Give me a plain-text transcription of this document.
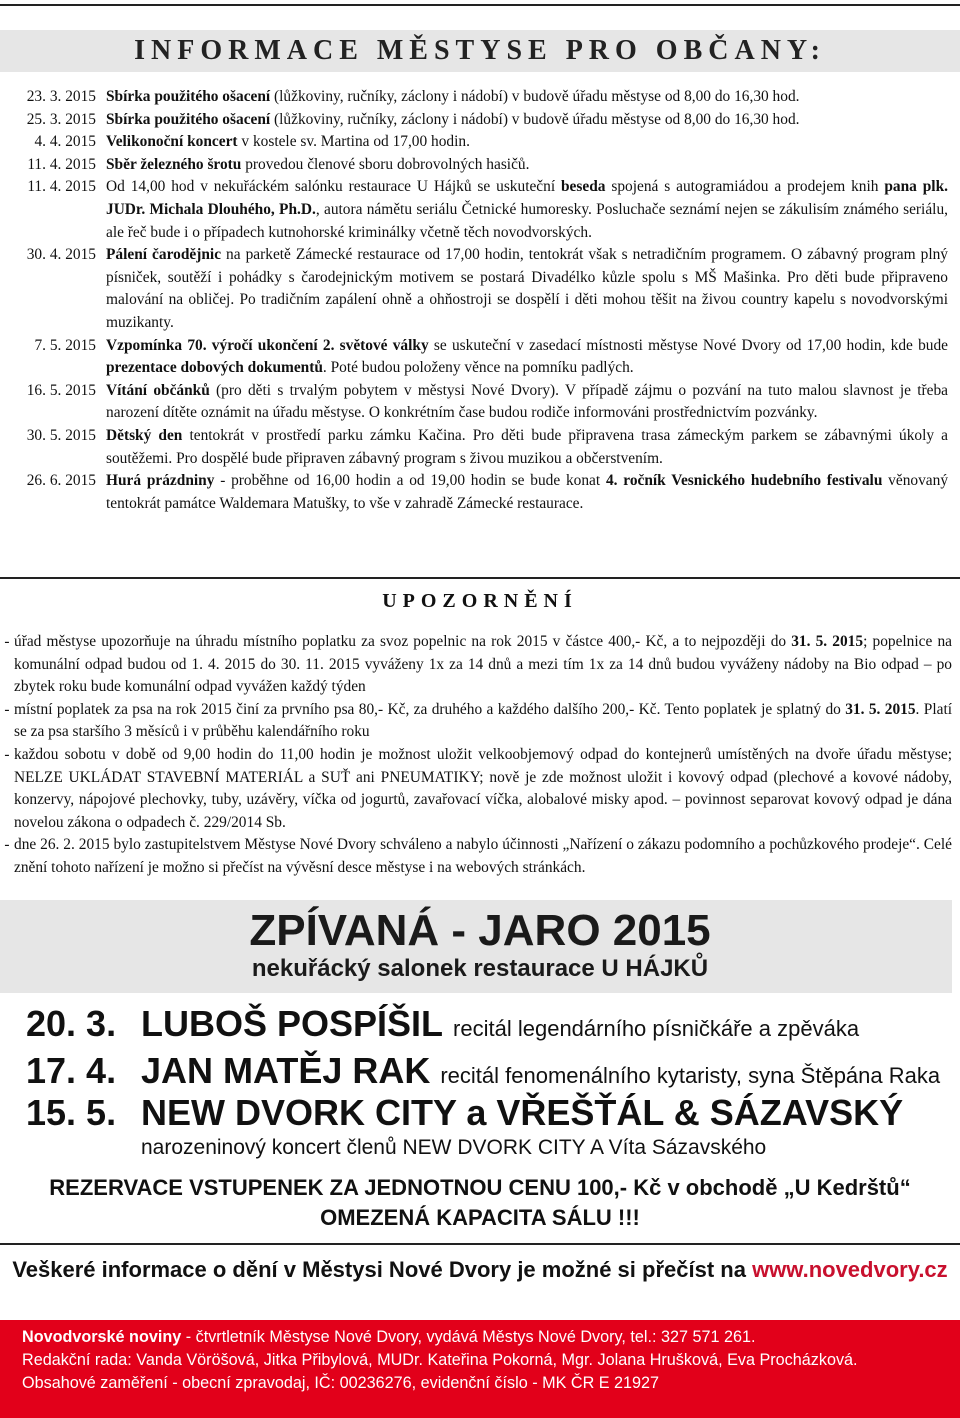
INFORMACE MĚSTYSE PRO OBČANY:
23. 3. 2015 Sbírka použitého ošacení (lůžkoviny, ručníky, záclony i nádobí) v budově úřadu městyse od 8,00 do 16,30 hod.
25. 3. 2015 Sbírka použitého ošacení (lůžkoviny, ručníky, záclony i nádobí) v budově úřadu městyse od 8,00 do 16,30 hod.
4. 4. 2015 Velikonoční koncert v kostele sv. Martina od 17,00 hodin.
11. 4. 2015 Sběr železného šrotu provedou členové sboru dobrovolných hasičů.
11. 4. 2015 Od 14,00 hod v nekuřáckém salónku restaurace U Hájků se uskuteční beseda spojená s autogramiádou a prodejem knih pana plk. JUDr. Michala Dlouhého, Ph.D., autora námětu seriálu Četnické humoresky. Posluchače seznámí nejen se zákulisím známého seriálu, ale řeč bude i o případech kutnohorské kriminálky včetně těch novodvorských.
30. 4. 2015 Pálení čarodějnic na parketě Zámecké restaurace od 17,00 hodin, tentokrát však s netradičním programem. O zábavný program plný písniček, soutěží i pohádky s čarodejnickým motivem se postará Divadélko kůzle spolu s MŠ Mašinka. Pro děti bude připraveno malování na obličej. Po tradičním zapálení ohně a ohňostroji se dospělí i děti mohou těšit na živou country kapelu s novodvorskými muzikanty.
7. 5. 2015 Vzpomínka 70. výročí ukončení 2. světové války se uskuteční v zasedací místnosti městyse Nové Dvory od 17,00 hodin, kde bude prezentace dobových dokumentů. Poté budou položeny věnce na pomníku padlých.
16. 5. 2015 Vítání občánků (pro děti s trvalým pobytem v městysi Nové Dvory). V případě zájmu o pozvání na tuto malou slavnost je třeba narození dítěte oznámit na úřadu městyse. O konkrétním čase budou rodiče informováni prostřednictvím pozvánky.
30. 5. 2015 Dětský den tentokrát v prostředí parku zámku Kačina. Pro děti bude připravena trasa zámeckým parkem se zábavnými úkoly a soutěžemi. Pro dospělé bude připraven zábavný program s živou muzikou a občerstvením.
26. 6. 2015 Hurá prázdniny - proběhne od 16,00 hodin a od 19,00 hodin se bude konat 4. ročník Vesnického hudebního festivalu věnovaný tentokrát památce Waldemara Matušky, to vše v zahradě Zámecké restaurace.
UPOZORNĚNÍ
- úřad městyse upozorňuje na úhradu místního poplatku za svoz popelnic na rok 2015 v částce 400,- Kč, a to nejpozději do 31. 5. 2015; popelnice na komunální odpad budou od 1. 4. 2015 do 30. 11. 2015 vyváženy 1x za 14 dnů a mezi tím 1x za 14 dnů budou vyváženy nádoby na Bio odpad – po zbytek roku bude komunální odpad vyvážen každý týden
- místní poplatek za psa na rok 2015 činí za prvního psa 80,- Kč, za druhého a každého dalšího 200,- Kč. Tento poplatek je splatný do 31. 5. 2015. Platí se za psa staršího 3 měsíců i v průběhu kalendářního roku
- každou sobotu v době od 9,00 hodin do 11,00 hodin je možnost uložit velkoobjemový odpad do kontejnerů umístěných na dvoře úřadu městyse; NELZE UKLÁDAT STAVEBNÍ MATERIÁL a SUŤ ani PNEUMATIKY; nově je zde možnost uložit i kovový odpad (plechové a kovové nádoby, konzervy, nápojové plechovky, tuby, uzávěry, víčka od jogurtů, zavařovací víčka, alobalové misky apod. – povinnost separovat kovový odpad je dána novelou zákona o odpadech č. 229/2014 Sb.
- dne 26. 2. 2015 bylo zastupitelstvem Městyse Nové Dvory schváleno a nabylo účinnosti „Nařízení o zákazu podomního a pochůzkového prodeje“. Celé znění tohoto nařízení je možno si přečíst na vývěsní desce městyse i na webových stránkách.
ZPÍVANÁ - JARO 2015
nekuřácký salonek restaurace U HÁJKŮ
20. 3. LUBOŠ POSPÍŠIL recitál legendárního písničkáře a zpěváka
17. 4. JAN MATĚJ RAK recitál fenomenálního kytaristy, syna Štěpána Raka
15. 5. NEW DVORK CITY a VŘEŠŤÁL & SÁZAVSKÝ
narozeninový koncert členů NEW DVORK CITY A Víta Sázavského
REZERVACE VSTUPENEK ZA JEDNOTNOU CENU 100,- Kč v obchodě „U Kedrštů“
OMEZENÁ KAPACITA SÁLU !!!
Veškeré informace o dění v Městysi Nové Dvory je možné si přečíst na www.novedvory.cz
Novodvorské noviny - čtvrtletník Městyse Nové Dvory, vydává Městys Nové Dvory, tel.: 327 571 261.
Redakční rada: Vanda Vöröšová, Jitka Přibylová, MUDr. Kateřina Pokorná, Mgr. Jolana Hrušková, Eva Procházková.
Obsahové zaměření - obecní zpravodaj, IČ: 00236276, evidenční číslo - MK ČR E 21927
